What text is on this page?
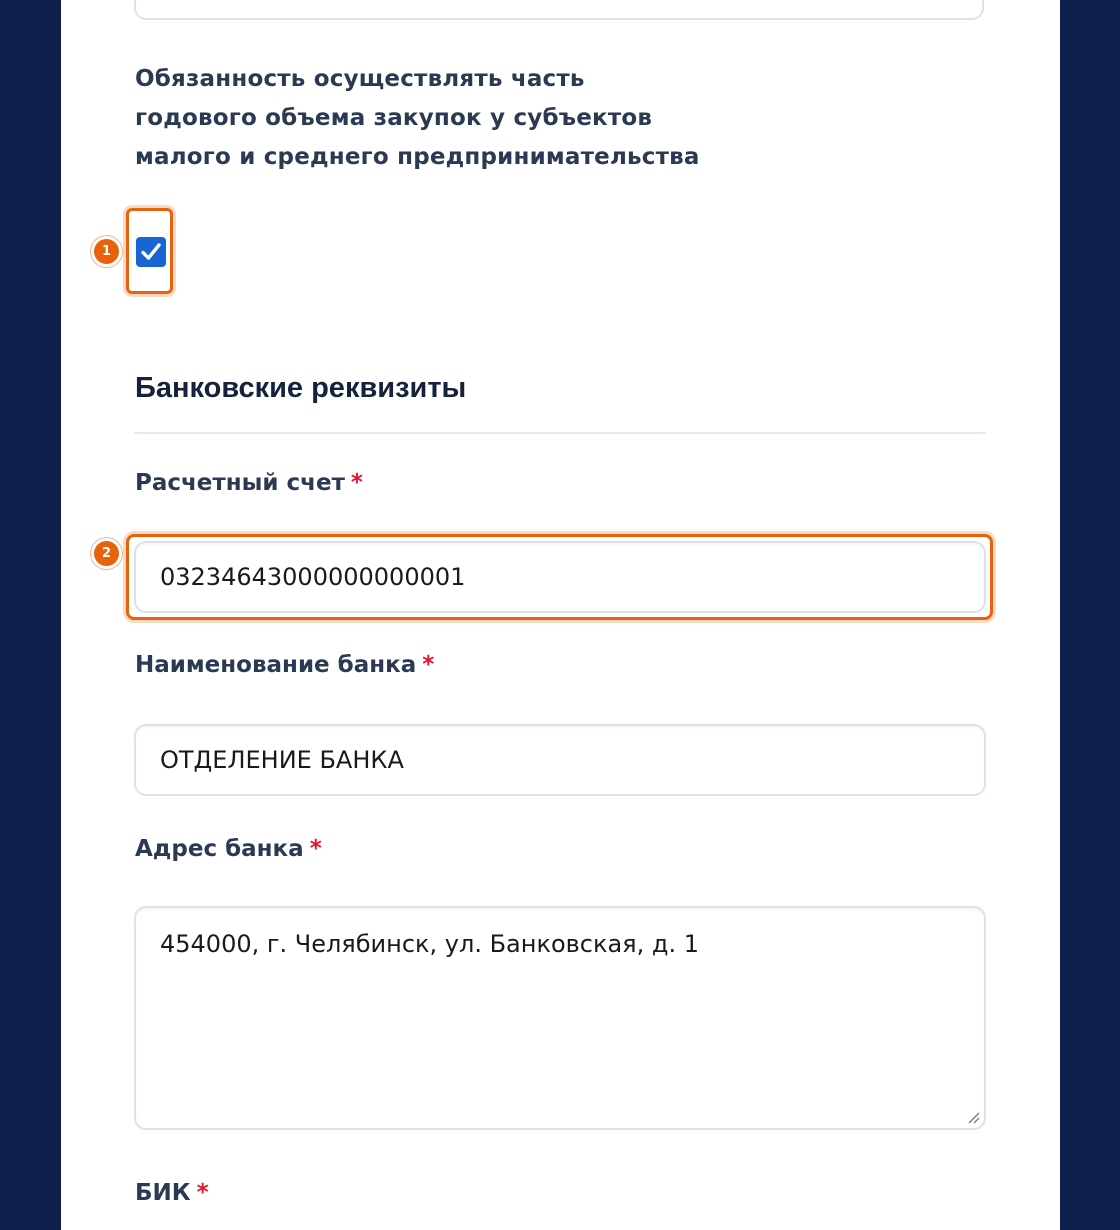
Обязанность осуществлять часть
годового объема закупок у субъектов
малого и среднего предпринимательства
1
Банковские реквизиты
Расчетный счет *
03234643000000000001
2
Наименование банка *
ОТДЕЛЕНИЕ БАНКА
Адрес банка *
454000, г. Челябинск, ул. Банковская, д. 1
БИК *
